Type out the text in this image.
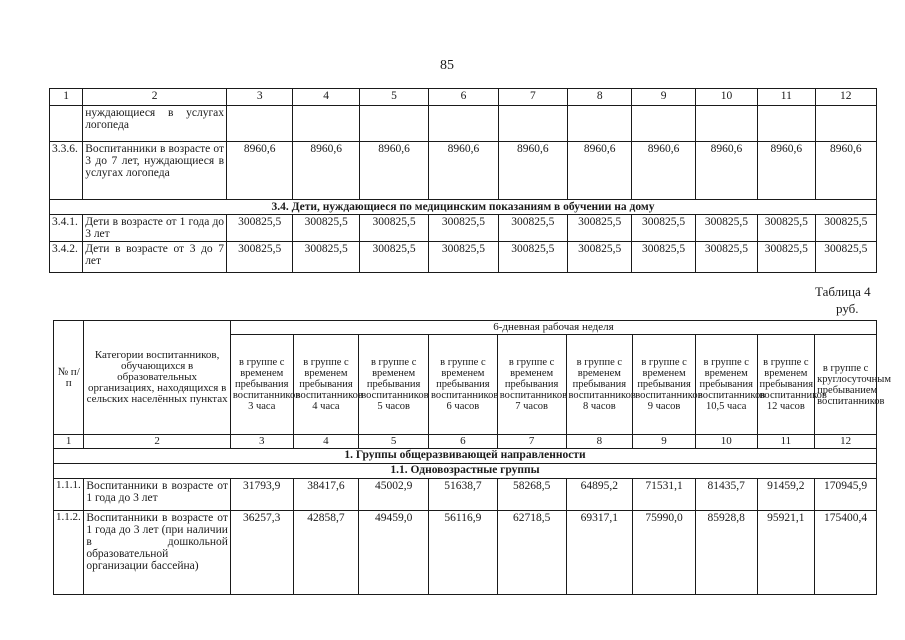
85
1	2	3	4	5	6	7	8	9	10	11	12
	нуждающиеся в услугах логопеда										
3.3.6.	Воспитанники в возрасте от 3 до 7 лет, нуждающиеся в услугах логопеда	8960,6	8960,6	8960,6	8960,6	8960,6	8960,6	8960,6	8960,6	8960,6	8960,6
3.4. Дети, нуждающиеся по медицинским показаниям в обучении на дому											
3.4.1.	Дети в возрасте от 1 года до 3 лет	300825,5	300825,5	300825,5	300825,5	300825,5	300825,5	300825,5	300825,5	300825,5	300825,5
3.4.2.	Дети в возрасте от 3 до 7 лет	300825,5	300825,5	300825,5	300825,5	300825,5	300825,5	300825,5	300825,5	300825,5	300825,5
Таблица 4
руб.
№ п/п	Категории воспитанников, обучающихся в образовательных организациях, находящихся в сельских населённых пунктах	6-дневная рабочая неделя									
		в группе с временем пребывания воспитанников 3 часа	в группе с временем пребывания воспитанников 4 часа	в группе с временем пребывания воспитанников 5 часов	в группе с временем пребывания воспитанников 6 часов	в группе с временем пребывания воспитанников 7 часов	в группе с временем пребывания воспитанников 8 часов	в группе с временем пребывания воспитанников 9 часов	в группе с временем пребывания воспитанников 10,5 часа	в группе с временем пребывания воспитанников 12 часов	в группе с круглосуточным пребыванием воспитанников
1	2	3	4	5	6	7	8	9	10	11	12
1. Группы общеразвивающей направленности											
1.1. Одновозрастные группы											
1.1.1.	Воспитанники в возрасте от 1 года до 3 лет	31793,9	38417,6	45002,9	51638,7	58268,5	64895,2	71531,1	81435,7	91459,2	170945,9
1.1.2.	Воспитанники в возрасте от 1 года до 3 лет (при наличии в дошкольной образовательной организации бассейна)	36257,3	42858,7	49459,0	56116,9	62718,5	69317,1	75990,0	85928,8	95921,1	175400,4
